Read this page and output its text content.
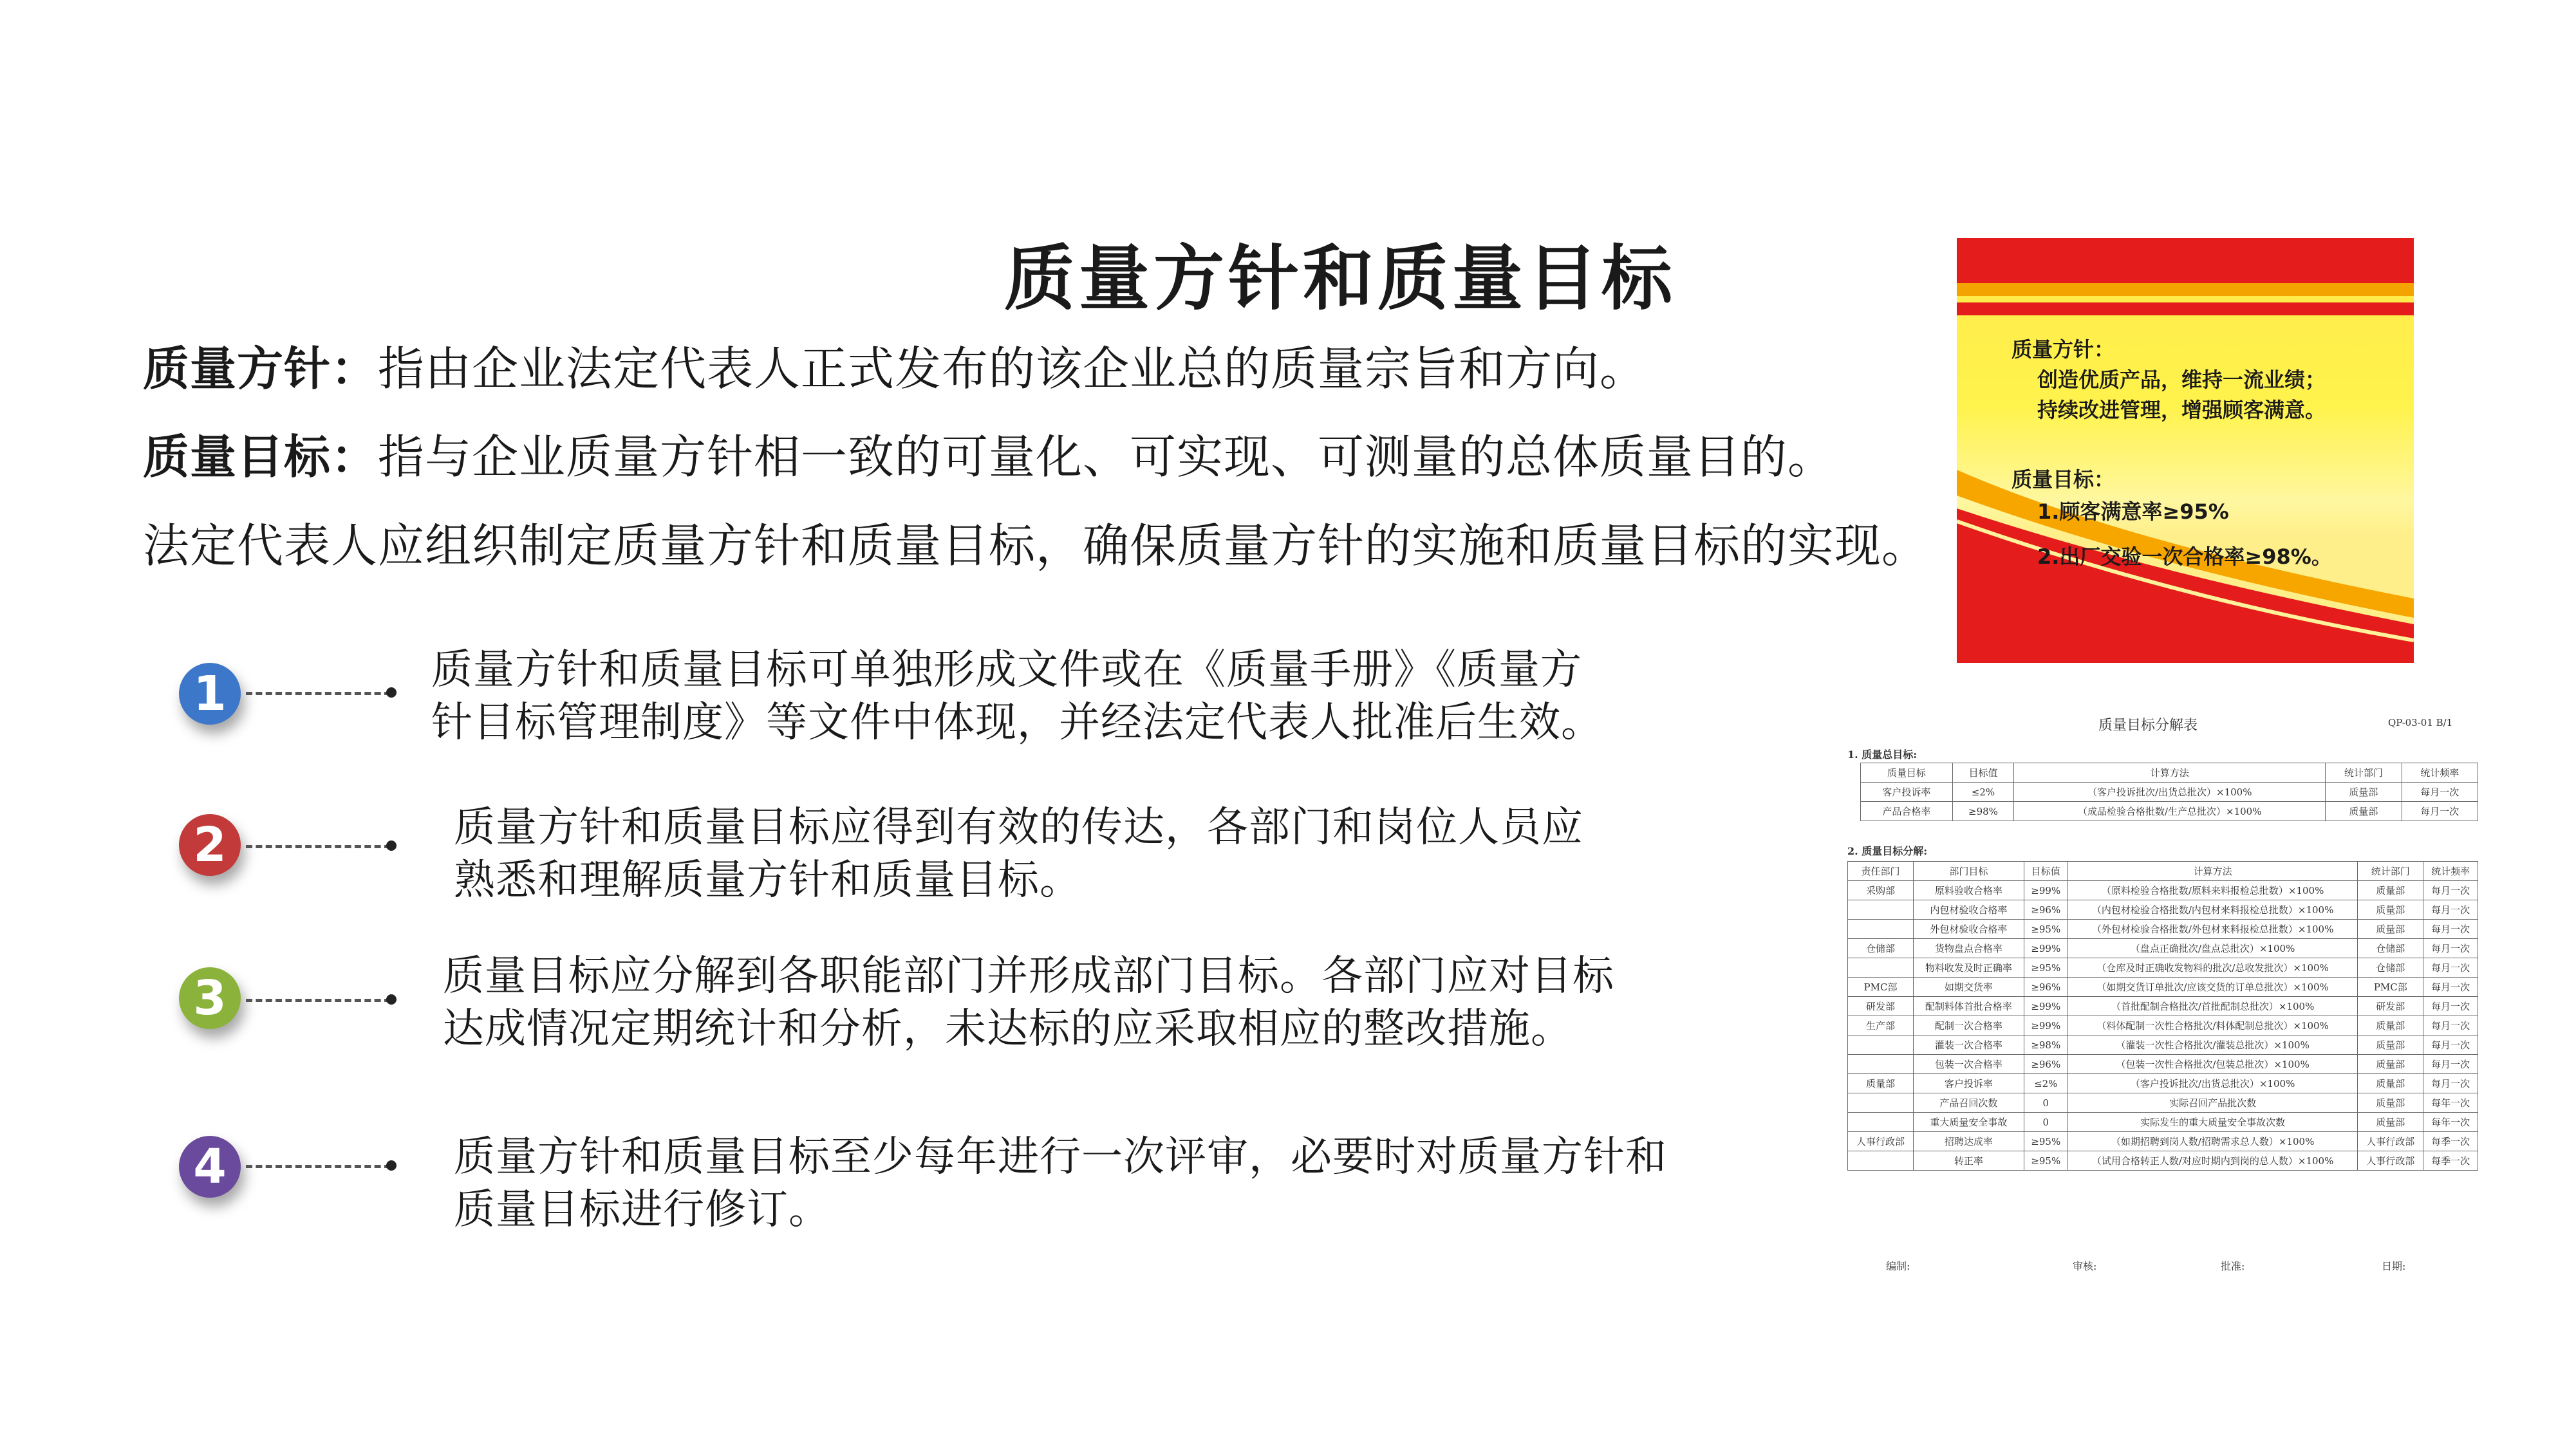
质量方针和质量目标
质量方针：指由企业法定代表人正式发布的该企业总的质量宗旨和方向。
质量目标：指与企业质量方针相一致的可量化、可实现、可测量的总体质量目的。
法定代表人应组织制定质量方针和质量目标，确保质量方针的实施和质量目标的实现。
1	质量方针和质量目标可单独形成文件或在《质量手册》《质量方
针目标管理制度》等文件中体现，并经法定代表人批准后生效。
2	质量方针和质量目标应得到有效的传达，各部门和岗位人员应
熟悉和理解质量方针和质量目标。
3	质量目标应分解到各职能部门并形成部门目标。各部门应对目标
达成情况定期统计和分析，未达标的应采取相应的整改措施。
4	质量方针和质量目标至少每年进行一次评审，必要时对质量方针和
质量目标进行修订。
质量方针：
创造优质产品，维持一流业绩；
持续改进管理，增强顾客满意。
质量目标：
1.顾客满意率≥95%
2.出厂交验一次合格率≥98%。
质量目标分解表	QP-03-01 B/1
1. 质量总目标:
质量目标	目标值	计算方法	统计部门	统计频率
客户投诉率	≤2%	（客户投诉批次/出货总批次）×100%	质量部	每月一次
产品合格率	≥98%	（成品检验合格批数/生产总批次）×100%	质量部	每月一次
2. 质量目标分解:
责任部门	部门目标	目标值	计算方法	统计部门	统计频率
采购部	原料验收合格率	≥99%	（原料检验合格批数/原料来料报检总批数）×100%	质量部	每月一次
	内包材验收合格率	≥96%	（内包材检验合格批数/内包材来料报检总批数）×100%	质量部	每月一次
	外包材验收合格率	≥95%	（外包材检验合格批数/外包材来料报检总批数）×100%	质量部	每月一次
仓储部	货物盘点合格率	≥99%	（盘点正确批次/盘点总批次）×100%	仓储部	每月一次
	物料收发及时正确率	≥95%	（仓库及时正确收发物料的批次/总收发批次）×100%	仓储部	每月一次
PMC部	如期交货率	≥96%	（如期交货订单批次/应该交货的订单总批次）×100%	PMC部	每月一次
研发部	配制料体首批合格率	≥99%	（首批配制合格批次/首批配制总批次）×100%	研发部	每月一次
生产部	配制一次合格率	≥99%	（料体配制一次性合格批次/料体配制总批次）×100%	质量部	每月一次
	灌装一次合格率	≥98%	（灌装一次性合格批次/灌装总批次）×100%	质量部	每月一次
	包装一次合格率	≥96%	（包装一次性合格批次/包装总批次）×100%	质量部	每月一次
质量部	客户投诉率	≤2%	（客户投诉批次/出货总批次）×100%	质量部	每月一次
	产品召回次数	0	实际召回产品批次数	质量部	每年一次
	重大质量安全事故	0	实际发生的重大质量安全事故次数	质量部	每年一次
人事行政部	招聘达成率	≥95%	（如期招聘到岗人数/招聘需求总人数）×100%	人事行政部	每季一次
	转正率	≥95%	（试用合格转正人数/对应时期内到岗的总人数）×100%	人事行政部	每季一次
编制:	审核:	批准:	日期:
